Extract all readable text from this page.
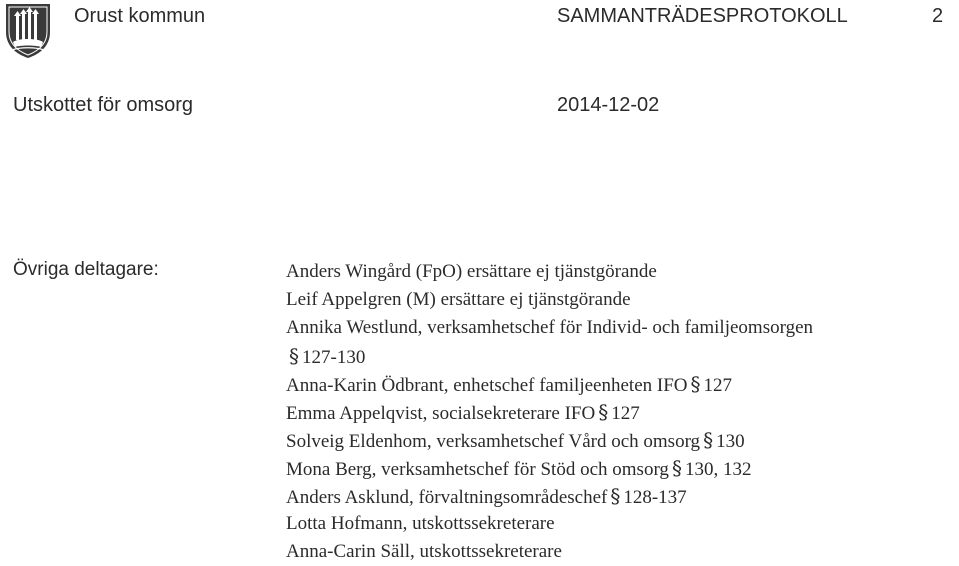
Orust kommun	SAMMANTRÄDESPROTOKOLL	2
Utskottet för omsorg	2014-12-02
Övriga deltagare:	Anders Wingård (FpO) ersättare ej tjänstgörande
Leif Appelgren (M) ersättare ej tjänstgörande
Annika Westlund, verksamhetschef för Individ- och familjeomsorgen
§ 127-130
Anna-Karin Ödbrant, enhetschef familjeenheten IFO § 127
Emma Appelqvist, socialsekreterare IFO § 127
Solveig Eldenhom, verksamhetschef Vård och omsorg § 130
Mona Berg, verksamhetschef för Stöd och omsorg § 130, 132
Anders Asklund, förvaltningsområdeschef § 128-137
Lotta Hofmann, utskottssekreterare
Anna-Carin Säll, utskottssekreterare
